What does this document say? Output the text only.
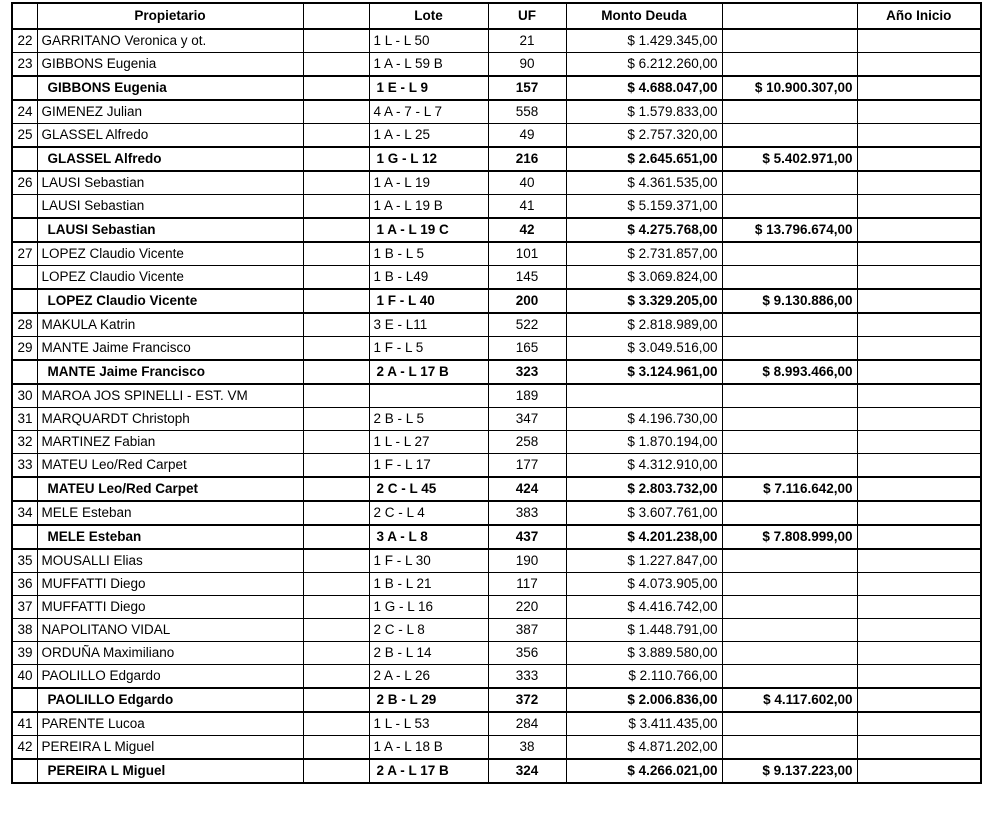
	Propietario		Lote	UF	Monto Deuda		Año Inicio
22	GARRITANO Veronica y ot.		1 L - L 50	21	$ 1.429.345,00		
23	GIBBONS Eugenia		1 A - L 59 B	90	$ 6.212.260,00		
	GIBBONS Eugenia		1 E - L 9	157	$ 4.688.047,00	$ 10.900.307,00	
24	GIMENEZ Julian		4 A - 7 - L 7	558	$ 1.579.833,00		
25	GLASSEL Alfredo		1 A - L 25	49	$ 2.757.320,00		
	GLASSEL Alfredo		1 G - L 12	216	$ 2.645.651,00	$ 5.402.971,00	
26	LAUSI Sebastian		1 A - L 19	40	$ 4.361.535,00		
	LAUSI Sebastian		1 A - L 19 B	41	$ 5.159.371,00		
	LAUSI Sebastian		1 A - L 19 C	42	$ 4.275.768,00	$ 13.796.674,00	
27	LOPEZ Claudio Vicente		1 B - L 5	101	$ 2.731.857,00		
	LOPEZ Claudio Vicente		1 B - L49	145	$ 3.069.824,00		
	LOPEZ Claudio Vicente		1 F - L 40	200	$ 3.329.205,00	$ 9.130.886,00	
28	MAKULA Katrin		3 E - L11	522	$ 2.818.989,00		
29	MANTE Jaime Francisco		1 F - L 5	165	$ 3.049.516,00		
	MANTE Jaime Francisco		2 A - L 17 B	323	$ 3.124.961,00	$ 8.993.466,00	
30	MAROA JOS SPINELLI - EST. VM			189			
31	MARQUARDT Christoph		2 B - L 5	347	$ 4.196.730,00		
32	MARTINEZ Fabian		1 L - L 27	258	$ 1.870.194,00		
33	MATEU Leo/Red Carpet		1 F - L 17	177	$ 4.312.910,00		
	MATEU Leo/Red Carpet		2 C - L 45	424	$ 2.803.732,00	$ 7.116.642,00	
34	MELE Esteban		2 C - L 4	383	$ 3.607.761,00		
	MELE Esteban		3 A - L 8	437	$ 4.201.238,00	$ 7.808.999,00	
35	MOUSALLI Elias		1 F - L 30	190	$ 1.227.847,00		
36	MUFFATTI Diego		1 B - L 21	117	$ 4.073.905,00		
37	MUFFATTI Diego		1 G - L 16	220	$ 4.416.742,00		
38	NAPOLITANO VIDAL		2 C - L 8	387	$ 1.448.791,00		
39	ORDUÑA Maximiliano		2 B - L 14	356	$ 3.889.580,00		
40	PAOLILLO Edgardo		2 A - L 26	333	$ 2.110.766,00		
	PAOLILLO Edgardo		2 B - L 29	372	$ 2.006.836,00	$ 4.117.602,00	
41	PARENTE Lucoa		1 L - L 53	284	$ 3.411.435,00		
42	PEREIRA L Miguel		1 A - L 18 B	38	$ 4.871.202,00		
	PEREIRA L Miguel		2 A - L 17 B	324	$ 4.266.021,00	$ 9.137.223,00	
